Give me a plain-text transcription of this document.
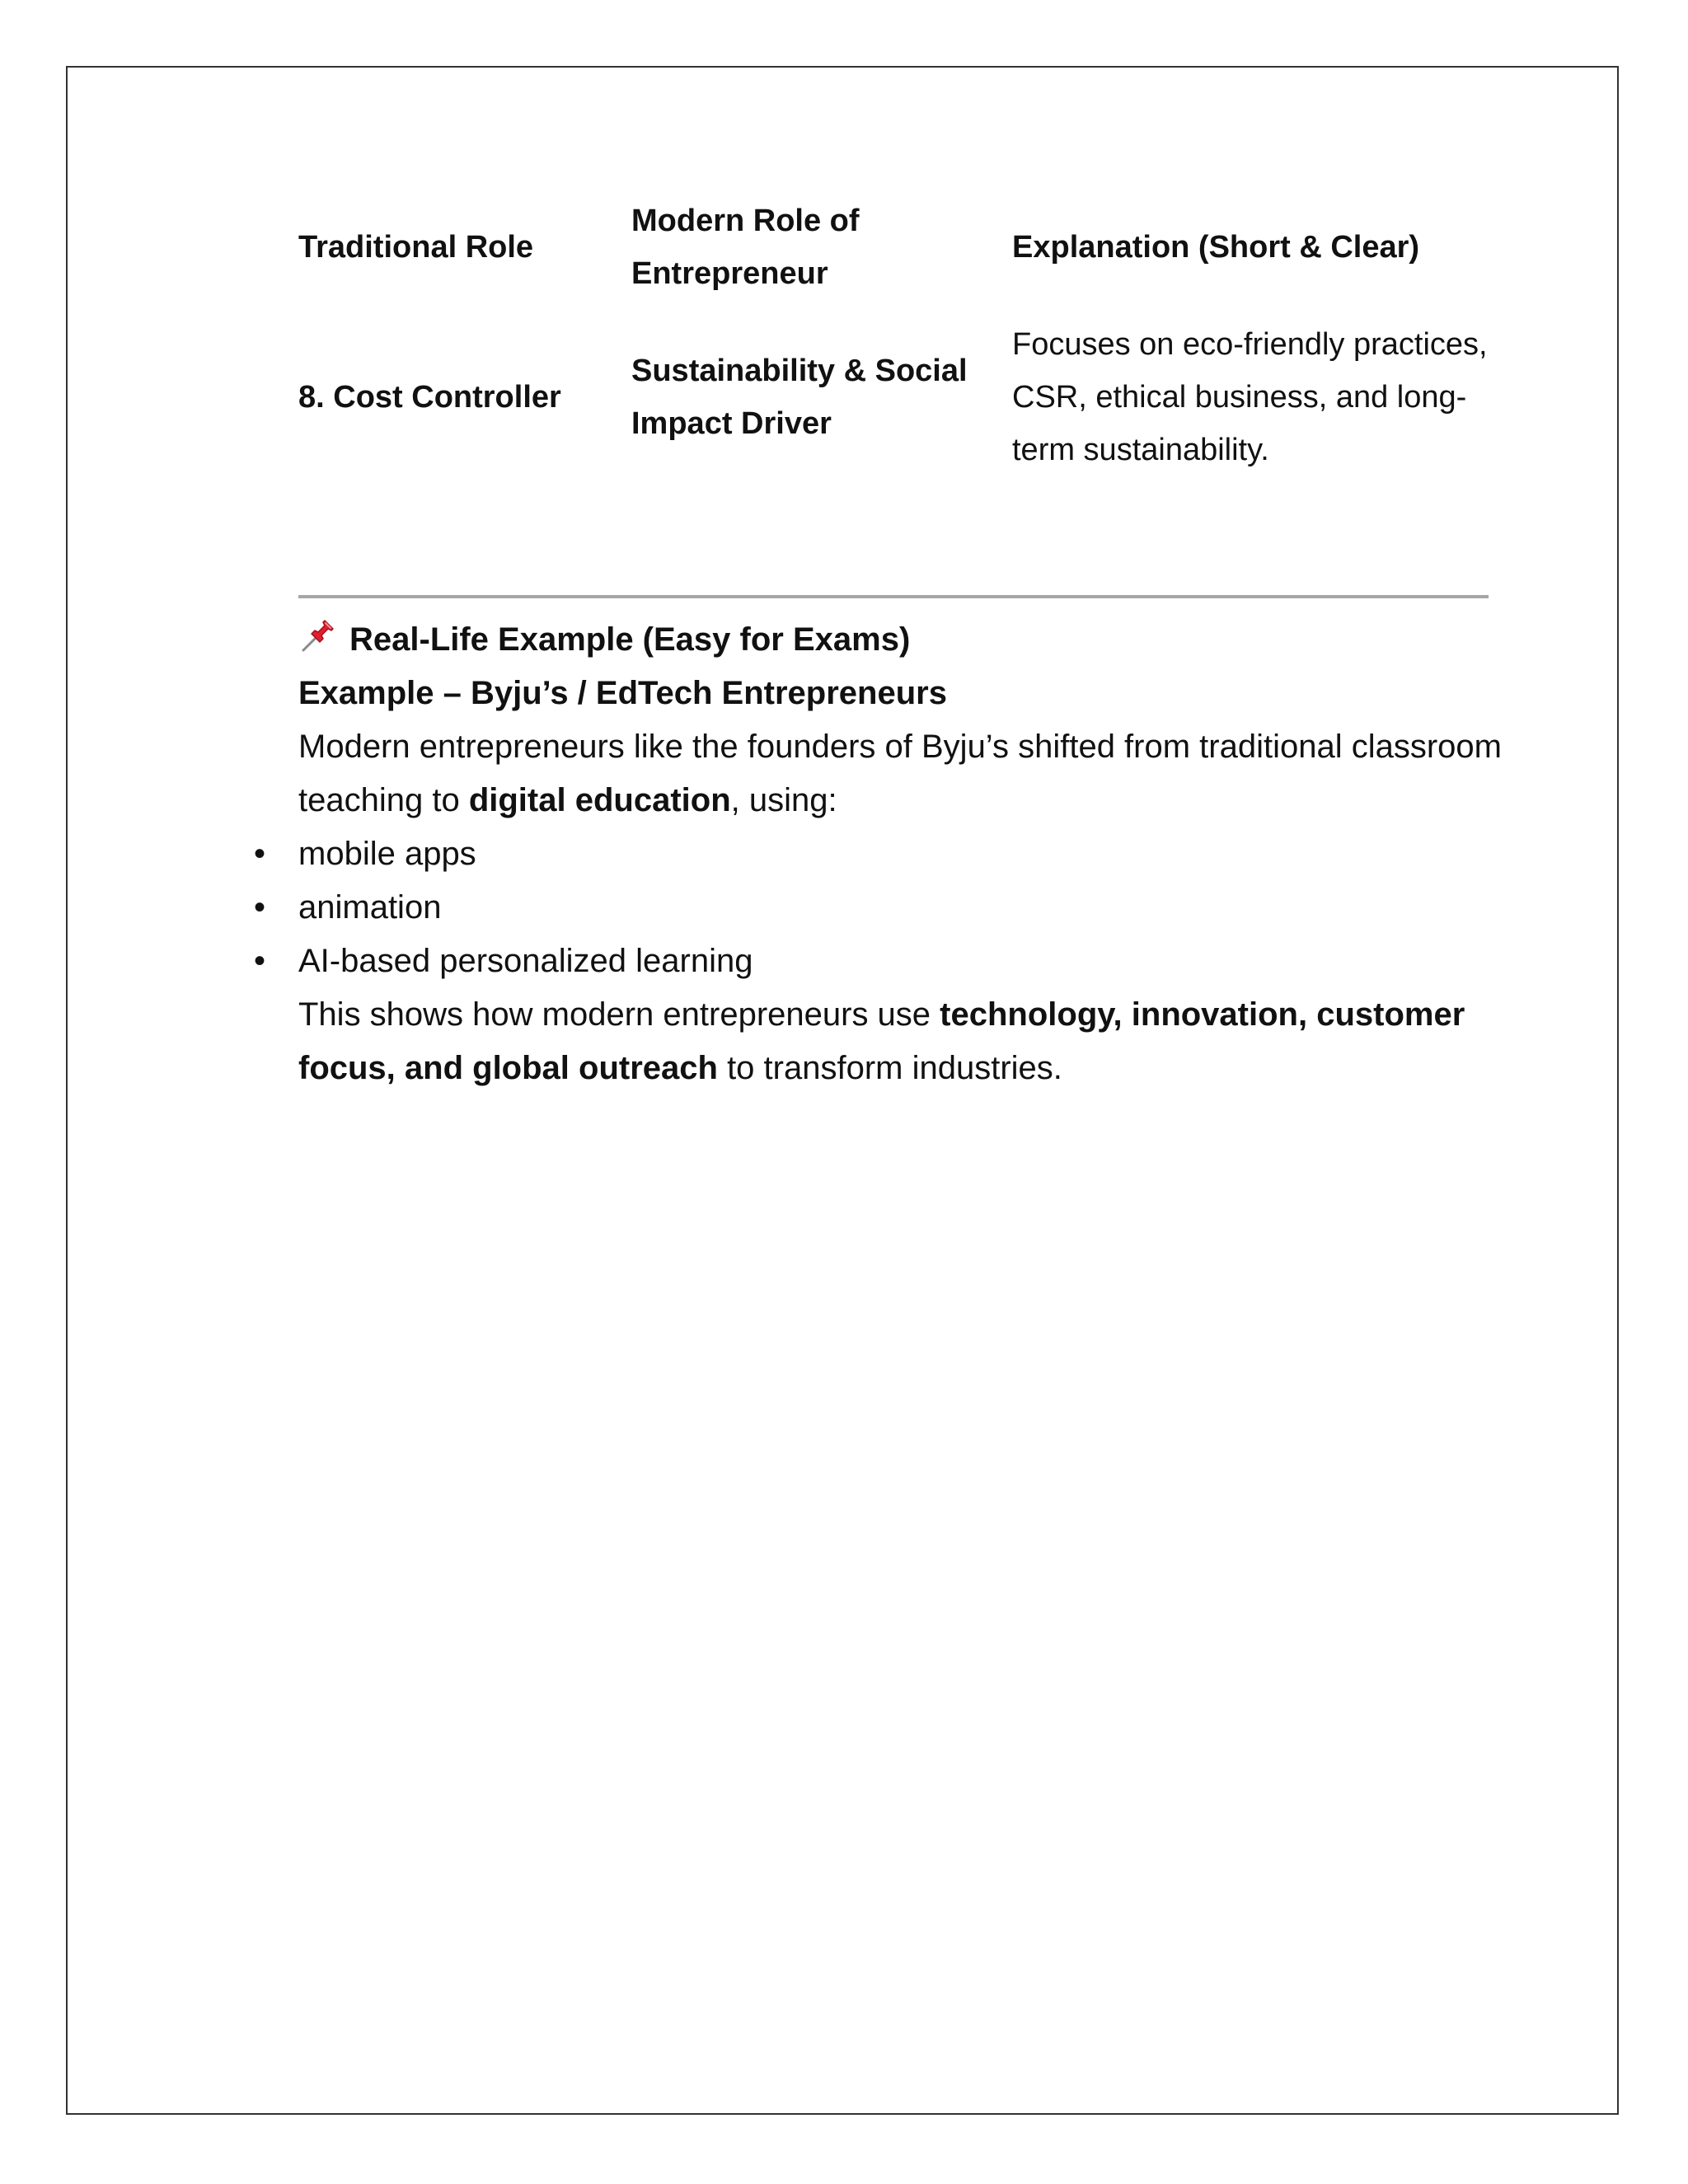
Traditional Role	Modern Role of Entrepreneur	Explanation (Short & Clear)
8. Cost Controller	Sustainability & Social Impact Driver	Focuses on eco-friendly practices, CSR, ethical business, and long-term sustainability.

Real-Life Example (Easy for Exams)

Example – Byju’s / EdTech Entrepreneurs

Modern entrepreneurs like the founders of Byju’s shifted from traditional classroom teaching to digital education, using:

• mobile apps
• animation
• AI-based personalized learning

This shows how modern entrepreneurs use technology, innovation, customer focus, and global outreach to transform industries.
